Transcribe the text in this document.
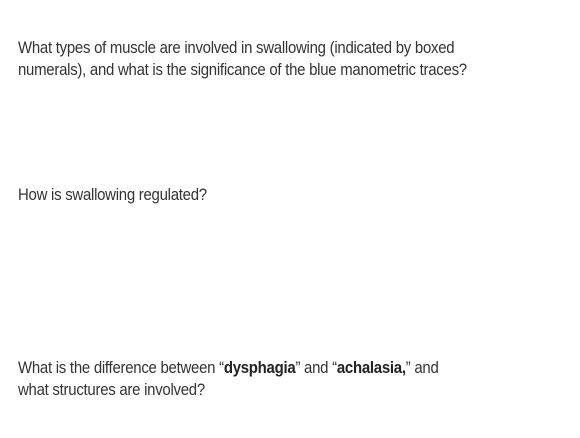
What types of muscle are involved in swallowing (indicated by boxed
numerals), and what is the significance of the blue manometric traces?
How is swallowing regulated?
What is the difference between “dysphagia” and “achalasia,” and
what structures are involved?
